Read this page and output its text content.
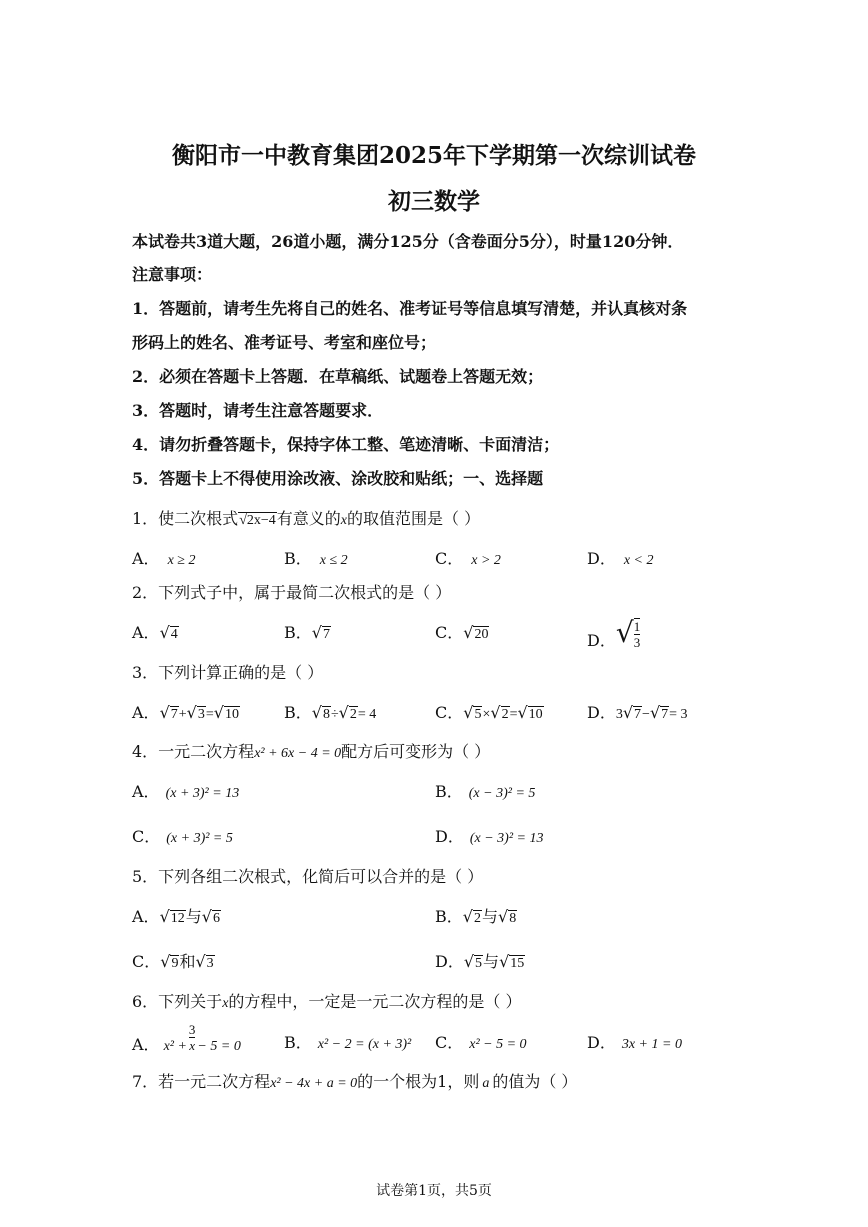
衡阳市一中教育集团2025年下学期第一次综训试卷
初三数学
本试卷共3道大题，26道小题，满分125分（含卷面分5分），时量120分钟．
注意事项：
1．答题前，请考生先将自己的姓名、准考证号等信息填写清楚，并认真核对条
形码上的姓名、准考证号、考室和座位号；
2．必须在答题卡上答题．在草稿纸、试题卷上答题无效；
3．答题时，请考生注意答题要求．
4．请勿折叠答题卡，保持字体工整、笔迹清晰、卡面清洁；
5．答题卡上不得使用涂改液、涂改胶和贴纸；一、选择题
1．使二次根式√2x−4有意义的x的取值范围是（ ）
A． x ≥ 2	B． x ≤ 2	C． x > 2	D． x < 2
2．下列式子中，属于最简二次根式的是（ ）
A．√4	B．√7	C．√20	D．√ $\frac{1}{3}$
3．下列计算正确的是（ ）
A．√7+√3=√10	B．√8÷√2= 4	C．√5×√2=√10	D．3√7−√7= 3
4．一元二次方程x² + 6x − 4 = 0配方后可变形为（ ）
A． (x + 3)² = 13	B． (x − 3)² = 5
C． (x + 3)² = 5	D． (x − 3)² = 13
5．下列各组二次根式，化简后可以合并的是（ ）
A．√12与√6	B．√2与√8
C．√9和√3	D．√5与√15
6．下列关于x的方程中，一定是一元二次方程的是（ ）
A． $x^2 + \frac{3}{x} - 5 = 0$	B． x² − 2 = (x + 3)² C． x² − 5 = 0	D． 3x + 1 = 0
7．若一元二次方程x² − 4x + a = 0的一个根为1，则 a 的值为（ ）
试卷第1页，共5页
